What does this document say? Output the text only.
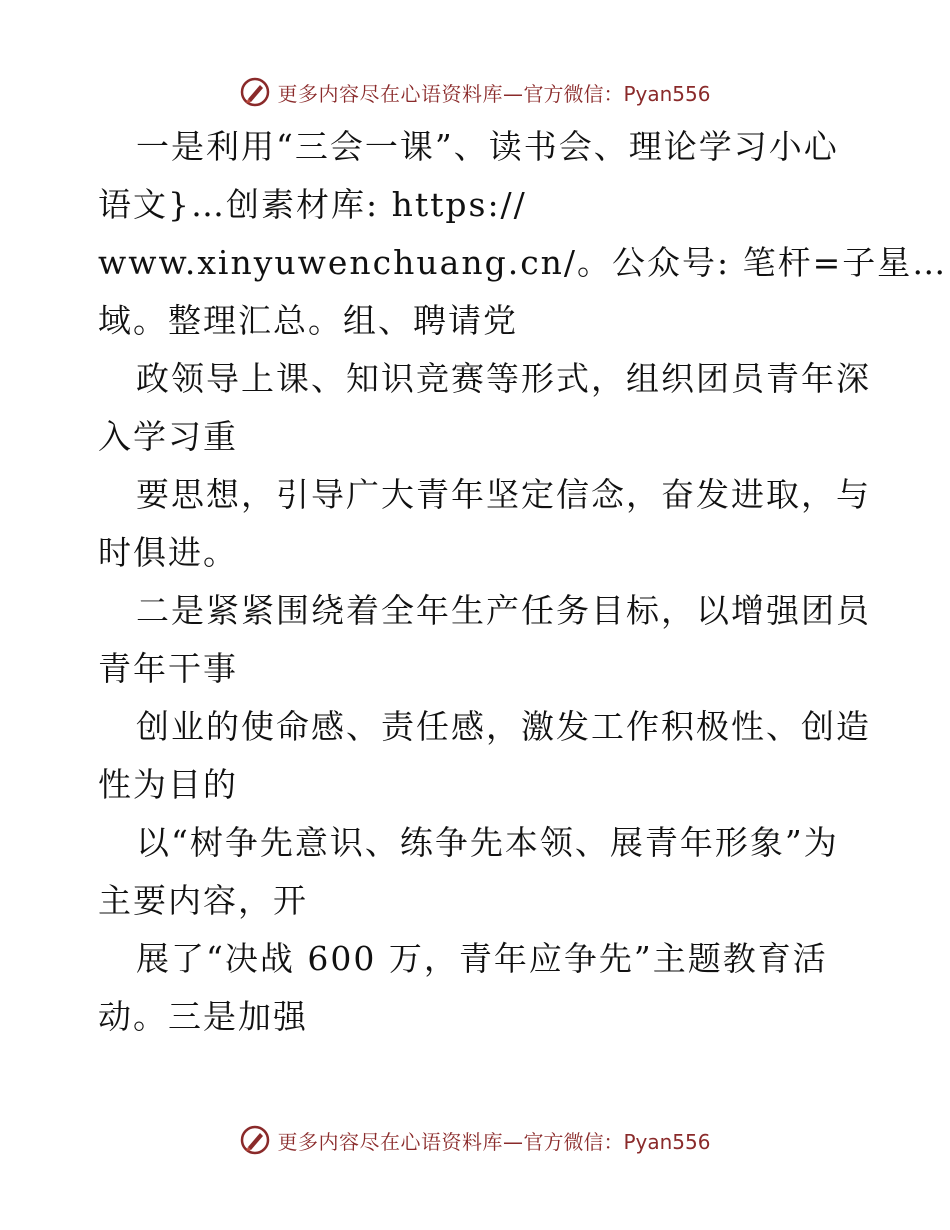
更多内容尽在心语资料库— 官方微信：Pyan556
一是利用“三会一课”、读书会、理论学习小心
语文}…创素材库: https://
www.xinyuwenchuang.cn/。公众号: 笔杆=子星…
域。整理汇总。组、聘请党
政领导上课、知识竞赛等形式，组织团员青年深
入学习重
要思想，引导广大青年坚定信念，奋发进取，与
时俱进。
二是紧紧围绕着全年生产任务目标，以增强团员
青年干事
创业的使命感、责任感，激发工作积极性、创造
性为目的
以“树争先意识、练争先本领、展青年形象”为
主要内容，开
展了“决战 600 万，青年应争先”主题教育活
动。三是加强
更多内容尽在心语资料库— 官方微信：Pyan556
